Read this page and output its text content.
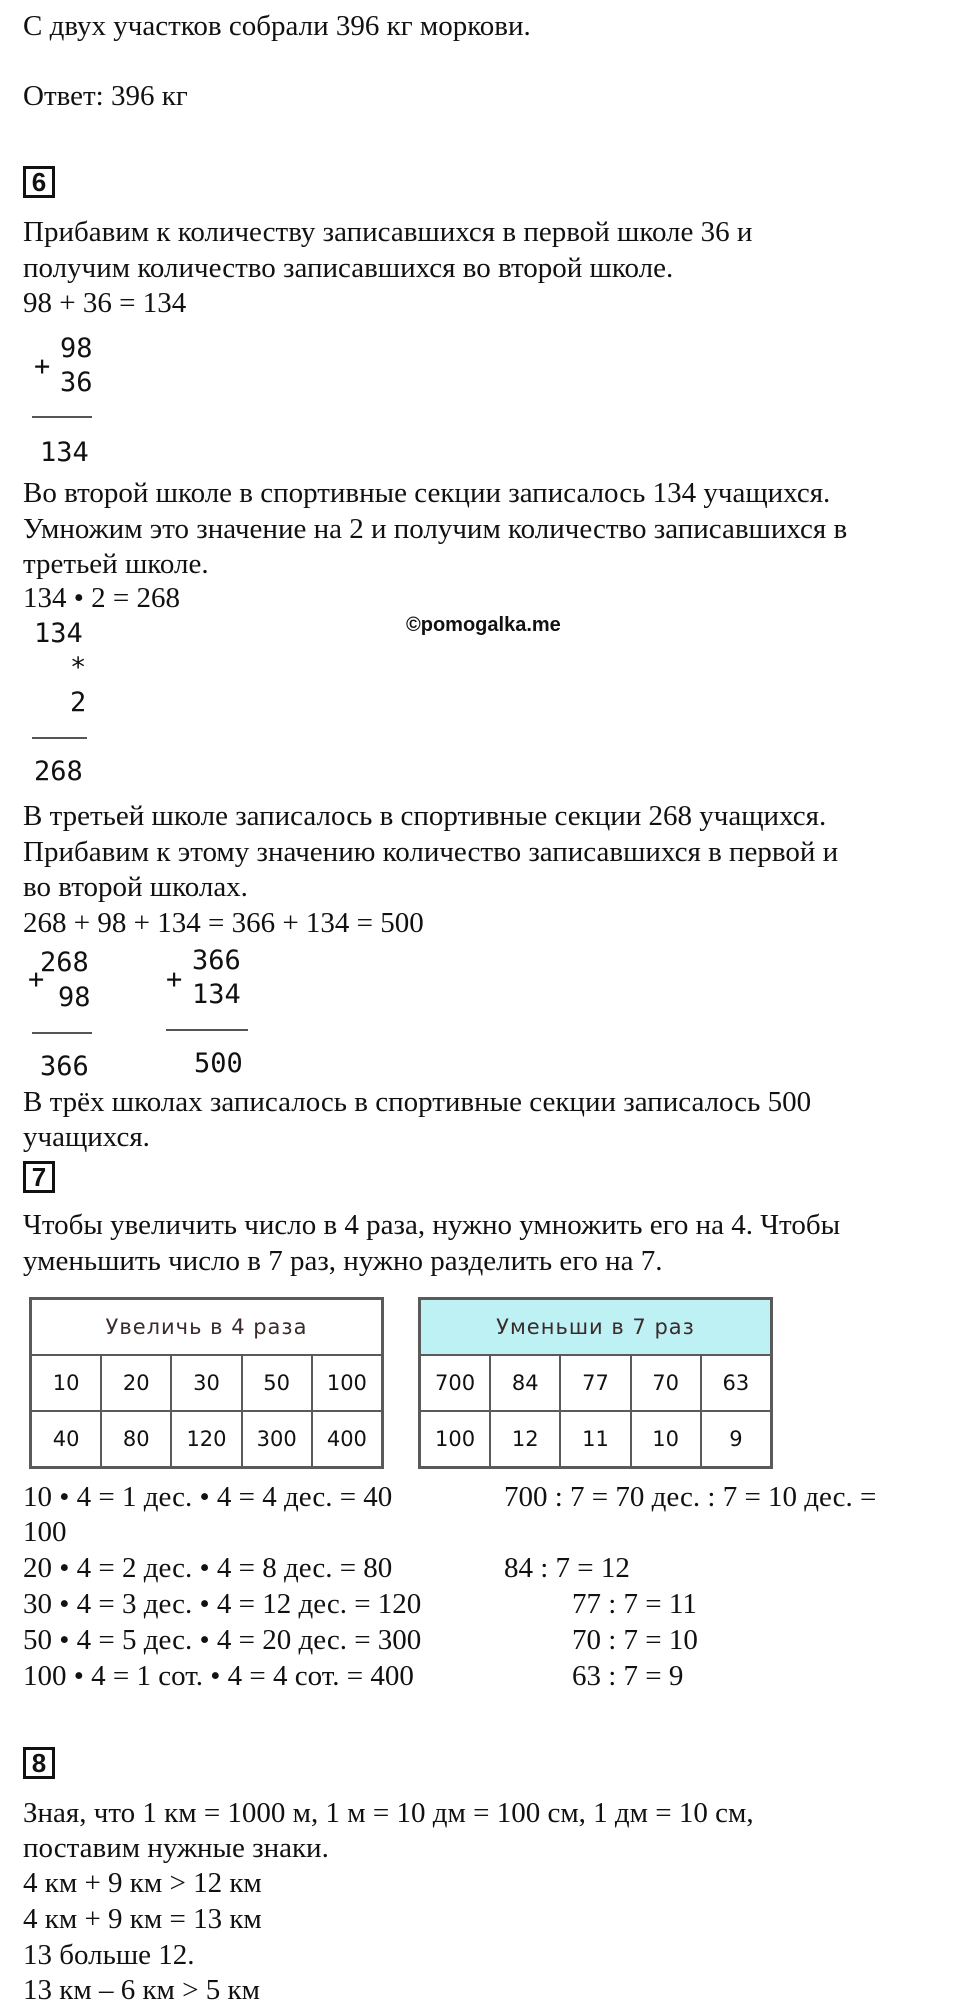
С двух участков собрали 396 кг моркови.
Ответ: 396 кг
6
Прибавим к количеству записавшихся в первой школе 36 и
получим количество записавшихся во второй школе.
98 + 36 = 134
+
98
36
134
Во второй школе в спортивные секции записалось 134 учащихся.
Умножим это значение на 2 и получим количество записавшихся в
третьей школе.
134 • 2 = 268
134
*
2
268
©pomogalka.me
В третьей школе записалось в спортивные секции 268 учащихся.
Прибавим к этому значению количество записавшихся в первой и
во второй школах.
268 + 98 + 134 = 366 + 134 = 500
+
268
98
366
+
366
134
500
В трёх школах записалось в спортивные секции записалось 500
учащихся.
7
Чтобы увеличить число в 4 раза, нужно умножить его на 4. Чтобы
уменьшить число в 7 раз, нужно разделить его на 7.
Увеличь в 4 раза				
10	20	30	50	100
40	80	120	300	400
Уменьши в 7 раз				
700	84	77	70	63
100	12	11	10	9
10 • 4 = 1 дес. • 4 = 4 дес. = 40
100
20 • 4 = 2 дес. • 4 = 8 дес. = 80
30 • 4 = 3 дес. • 4 = 12 дес. = 120
50 • 4 = 5 дес. • 4 = 20 дес. = 300
100 • 4 = 1 сот. • 4 = 4 сот. = 400
700 : 7 = 70 дес. : 7 = 10 дес. =
84 : 7 = 12
77 : 7 = 11
70 : 7 = 10
63 : 7 = 9
8
Зная, что 1 км = 1000 м, 1 м = 10 дм = 100 см, 1 дм = 10 см,
поставим нужные знаки.
4 км + 9 км > 12 км
4 км + 9 км = 13 км
13 больше 12.
13 км – 6 км > 5 км
